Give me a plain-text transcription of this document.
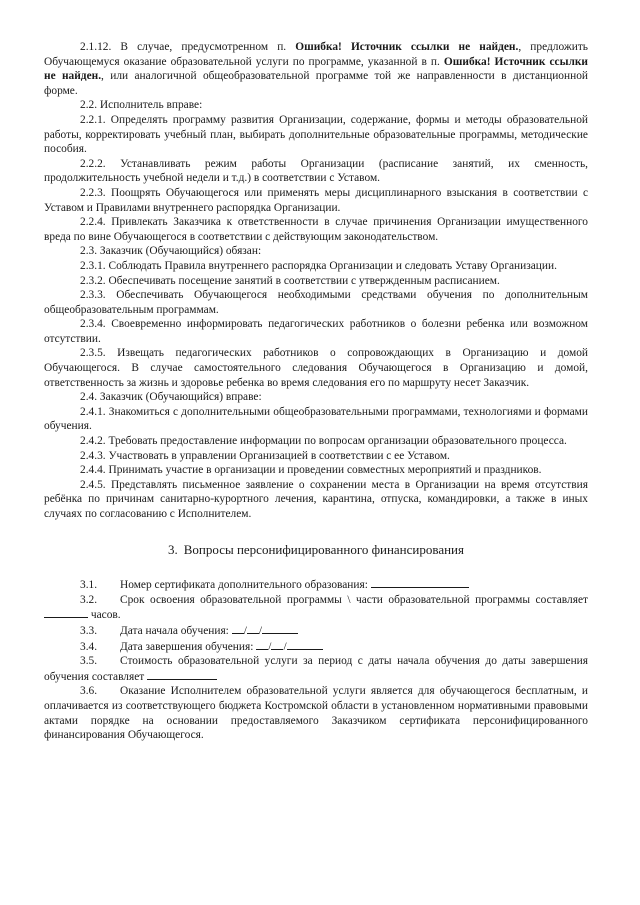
2.1.12. В случае, предусмотренном п. Ошибка! Источник ссылки не найден., предложить Обучающемуся оказание образовательной услуги по программе, указанной в п. Ошибка! Источник ссылки не найден., или аналогичной общеобразовательной программе той же направленности в дистанционной форме.

2.2. Исполнитель вправе:

2.2.1. Определять программу развития Организации, содержание, формы и методы образовательной работы, корректировать учебный план, выбирать дополнительные образовательные программы, методические пособия.

2.2.2. Устанавливать режим работы Организации (расписание занятий, их сменность, продолжительность учебной недели и т.д.) в соответствии с Уставом.

2.2.3. Поощрять Обучающегося или применять меры дисциплинарного взыскания в соответствии с Уставом и Правилами внутреннего распорядка Организации.

2.2.4. Привлекать Заказчика к ответственности в случае причинения Организации имущественного вреда по вине Обучающегося в соответствии с действующим законодательством.

2.3. Заказчик (Обучающийся) обязан:

2.3.1. Соблюдать Правила внутреннего распорядка Организации и следовать Уставу Организации.

2.3.2. Обеспечивать посещение занятий в соответствии с утвержденным расписанием.

2.3.3. Обеспечивать Обучающегося необходимыми средствами обучения по дополнительным общеобразовательным программам.

2.3.4. Своевременно информировать педагогических работников о болезни ребенка или возможном отсутствии.

2.3.5. Извещать педагогических работников о сопровождающих в Организацию и домой Обучающегося. В случае самостоятельного следования Обучающегося в Организацию и домой, ответственность за жизнь и здоровье ребенка во время следования его по маршруту несет Заказчик.

2.4. Заказчик (Обучающийся) вправе:

2.4.1. Знакомиться с дополнительными общеобразовательными программами, технологиями и формами обучения.

2.4.2. Требовать предоставление информации по вопросам организации образовательного процесса.

2.4.3. Участвовать в управлении Организацией в соответствии с ее Уставом.

2.4.4. Принимать участие в организации и проведении совместных мероприятий и праздников.

2.4.5. Представлять письменное заявление о сохранении места в Организации на время отсутствия ребёнка по причинам санитарно-курортного лечения, карантина, отпуска, командировки, а также в иных случаях по согласованию с Исполнителем.

3. Вопросы персонифицированного финансирования

3.1. Номер сертификата дополнительного образования:

3.2. Срок освоения образовательной программы \ части образовательной программы составляет  часов.

3.3. Дата начала обучения: / /

3.4. Дата завершения обучения: / /

3.5. Стоимость образовательной услуги за период с даты начала обучения до даты завершения обучения составляет

3.6. Оказание Исполнителем образовательной услуги является для обучающегося бесплатным, и оплачивается из соответствующего бюджета Костромской области в установленном нормативными правовыми актами порядке на основании предоставляемого Заказчиком сертификата персонифицированного финансирования Обучающегося.
